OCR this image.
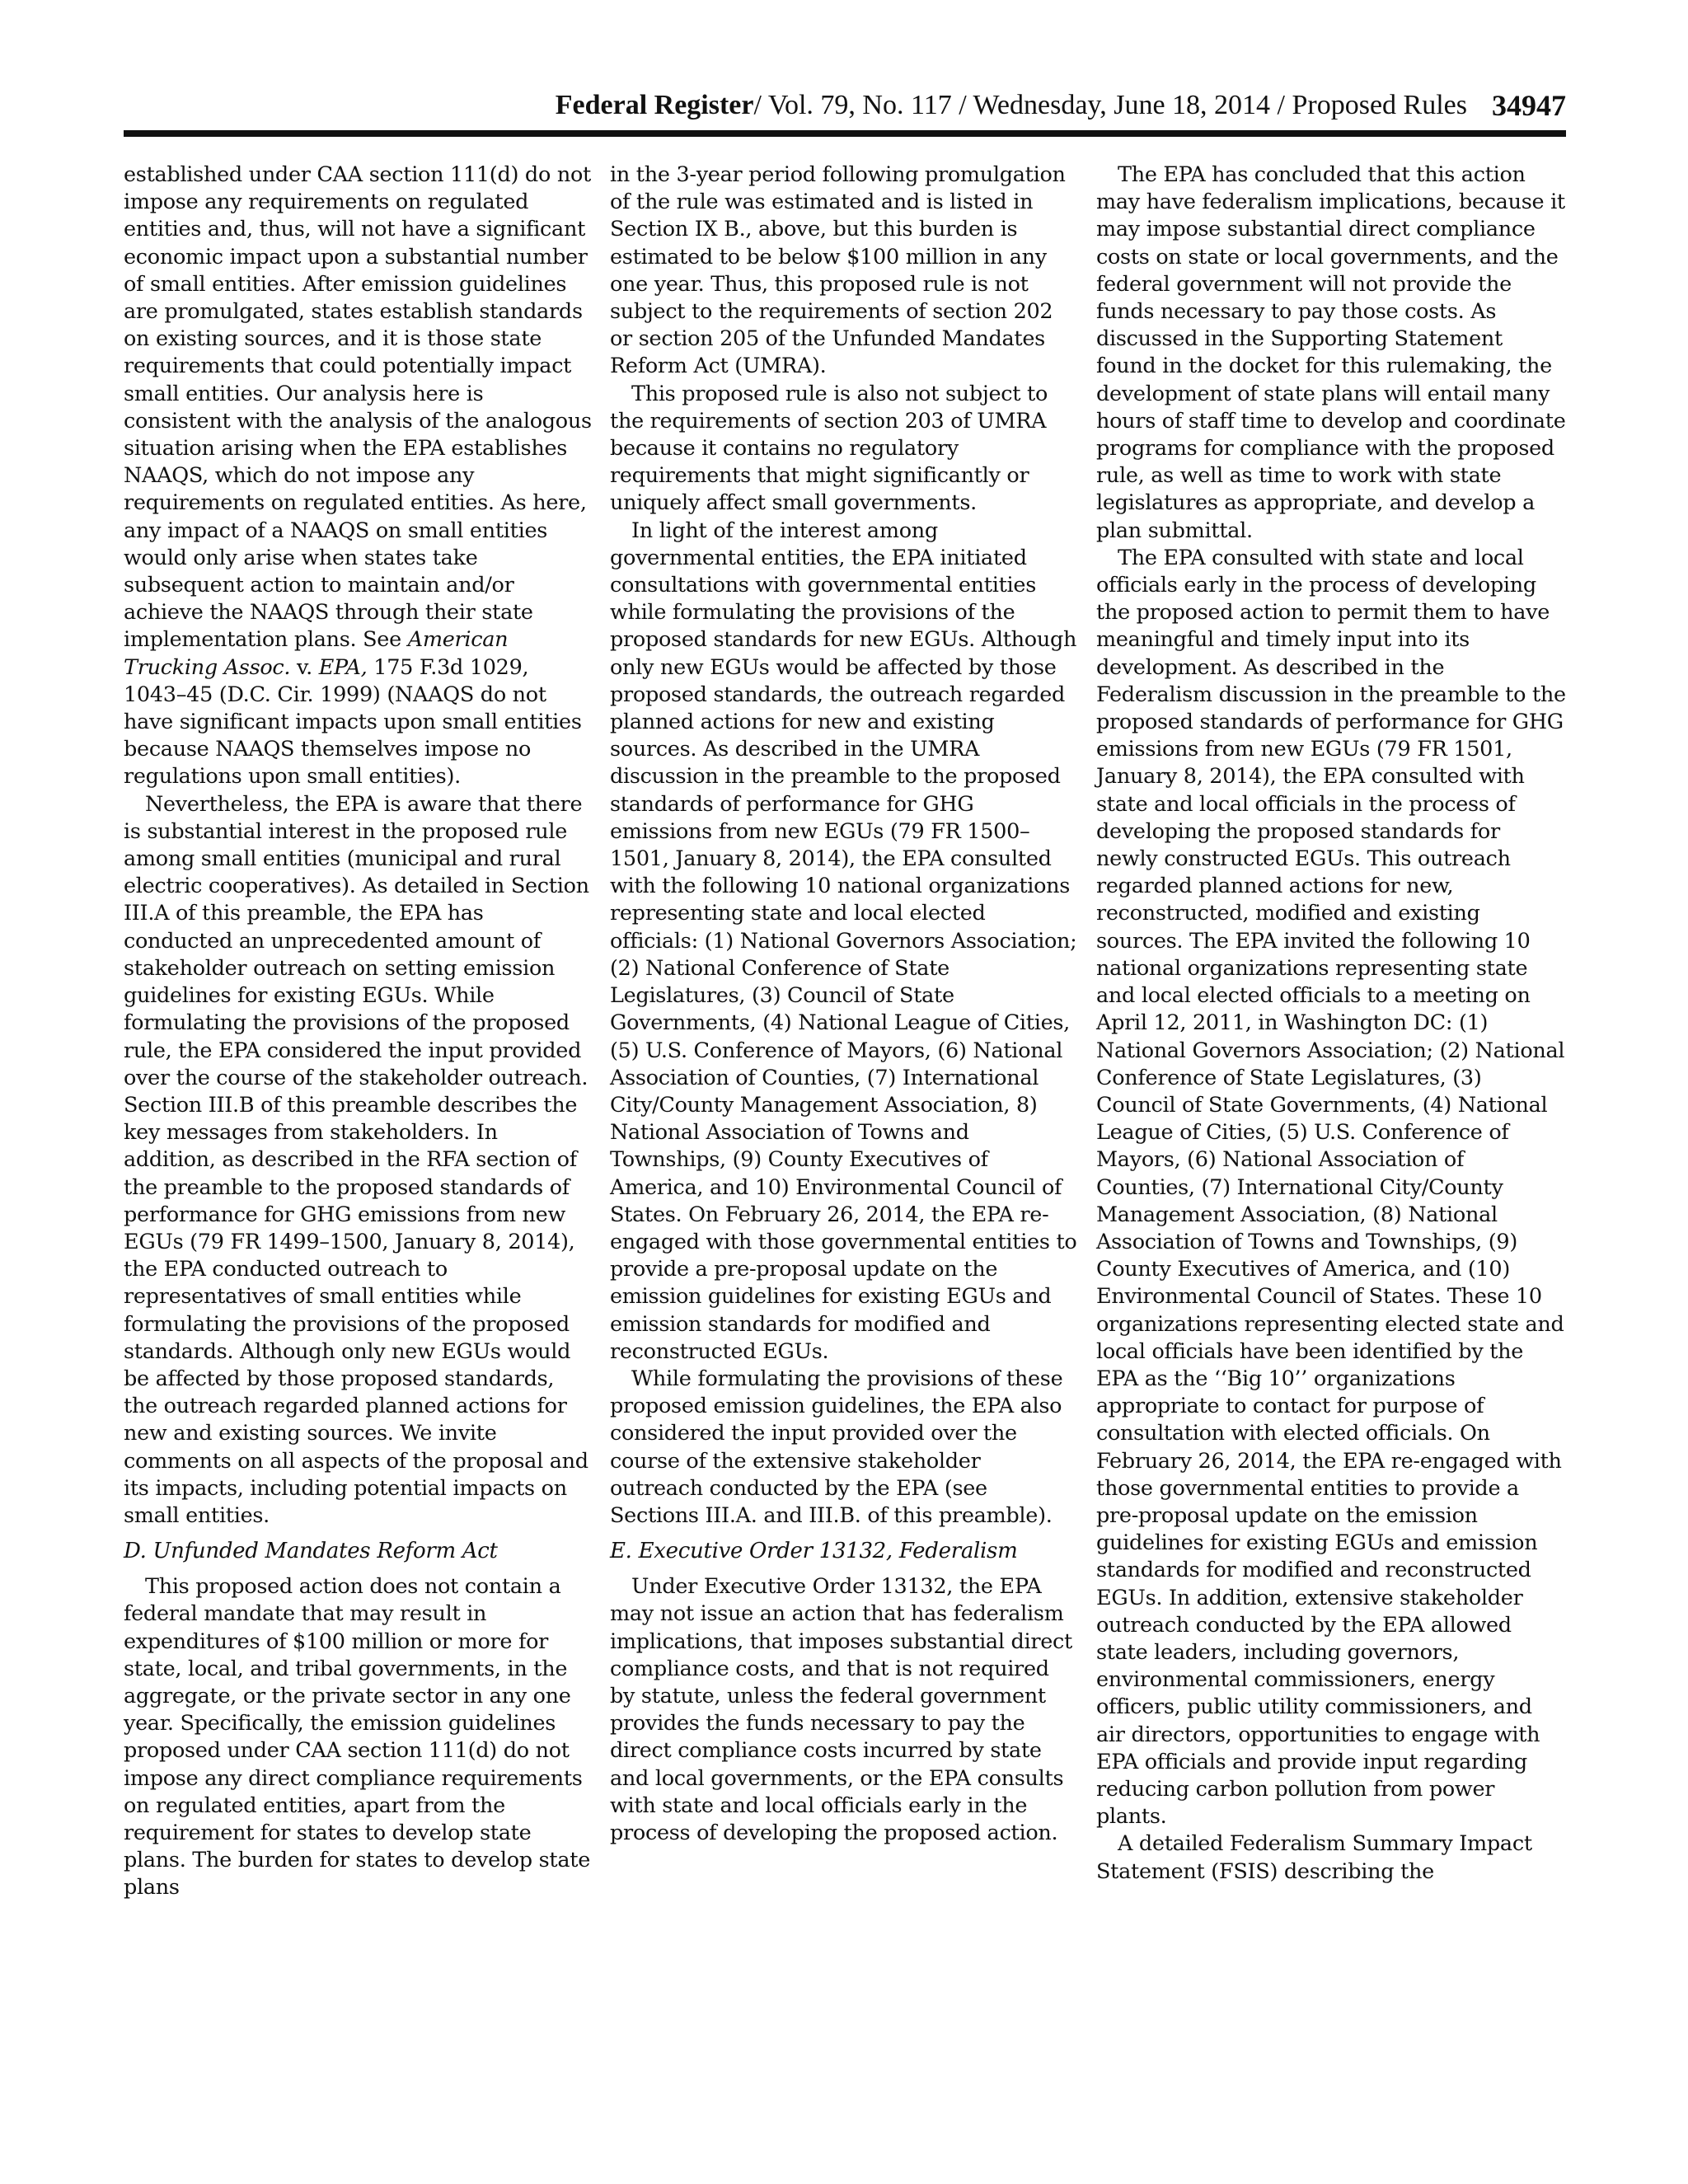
Federal Register/ Vol. 79, No. 117 / Wednesday, June 18, 2014 / Proposed Rules 34947

established under CAA section 111(d) do not impose any requirements on regulated entities and, thus, will not have a significant economic impact upon a substantial number of small entities. After emission guidelines are promulgated, states establish standards on existing sources, and it is those state requirements that could potentially impact small entities. Our analysis here is consistent with the analysis of the analogous situation arising when the EPA establishes NAAQS, which do not impose any requirements on regulated entities. As here, any impact of a NAAQS on small entities would only arise when states take subsequent action to maintain and/or achieve the NAAQS through their state implementation plans. See American Trucking Assoc. v. EPA, 175 F.3d 1029, 1043–45 (D.C. Cir. 1999) (NAAQS do not have significant impacts upon small entities because NAAQS themselves impose no regulations upon small entities).

Nevertheless, the EPA is aware that there is substantial interest in the proposed rule among small entities (municipal and rural electric cooperatives). As detailed in Section III.A of this preamble, the EPA has conducted an unprecedented amount of stakeholder outreach on setting emission guidelines for existing EGUs. While formulating the provisions of the proposed rule, the EPA considered the input provided over the course of the stakeholder outreach. Section III.B of this preamble describes the key messages from stakeholders. In addition, as described in the RFA section of the preamble to the proposed standards of performance for GHG emissions from new EGUs (79 FR 1499–1500, January 8, 2014), the EPA conducted outreach to representatives of small entities while formulating the provisions of the proposed standards. Although only new EGUs would be affected by those proposed standards, the outreach regarded planned actions for new and existing sources. We invite comments on all aspects of the proposal and its impacts, including potential impacts on small entities.

D. Unfunded Mandates Reform Act

This proposed action does not contain a federal mandate that may result in expenditures of $100 million or more for state, local, and tribal governments, in the aggregate, or the private sector in any one year. Specifically, the emission guidelines proposed under CAA section 111(d) do not impose any direct compliance requirements on regulated entities, apart from the requirement for states to develop state plans. The burden for states to develop state plans

in the 3-year period following promulgation of the rule was estimated and is listed in Section IX B., above, but this burden is estimated to be below $100 million in any one year. Thus, this proposed rule is not subject to the requirements of section 202 or section 205 of the Unfunded Mandates Reform Act (UMRA).

This proposed rule is also not subject to the requirements of section 203 of UMRA because it contains no regulatory requirements that might significantly or uniquely affect small governments.

In light of the interest among governmental entities, the EPA initiated consultations with governmental entities while formulating the provisions of the proposed standards for new EGUs. Although only new EGUs would be affected by those proposed standards, the outreach regarded planned actions for new and existing sources. As described in the UMRA discussion in the preamble to the proposed standards of performance for GHG emissions from new EGUs (79 FR 1500–1501, January 8, 2014), the EPA consulted with the following 10 national organizations representing state and local elected officials: (1) National Governors Association; (2) National Conference of State Legislatures, (3) Council of State Governments, (4) National League of Cities, (5) U.S. Conference of Mayors, (6) National Association of Counties, (7) International City/County Management Association, 8) National Association of Towns and Townships, (9) County Executives of America, and 10) Environmental Council of States. On February 26, 2014, the EPA re-engaged with those governmental entities to provide a pre-proposal update on the emission guidelines for existing EGUs and emission standards for modified and reconstructed EGUs.

While formulating the provisions of these proposed emission guidelines, the EPA also considered the input provided over the course of the extensive stakeholder outreach conducted by the EPA (see Sections III.A. and III.B. of this preamble).

E. Executive Order 13132, Federalism

Under Executive Order 13132, the EPA may not issue an action that has federalism implications, that imposes substantial direct compliance costs, and that is not required by statute, unless the federal government provides the funds necessary to pay the direct compliance costs incurred by state and local governments, or the EPA consults with state and local officials early in the process of developing the proposed action.

The EPA has concluded that this action may have federalism implications, because it may impose substantial direct compliance costs on state or local governments, and the federal government will not provide the funds necessary to pay those costs. As discussed in the Supporting Statement found in the docket for this rulemaking, the development of state plans will entail many hours of staff time to develop and coordinate programs for compliance with the proposed rule, as well as time to work with state legislatures as appropriate, and develop a plan submittal.

The EPA consulted with state and local officials early in the process of developing the proposed action to permit them to have meaningful and timely input into its development. As described in the Federalism discussion in the preamble to the proposed standards of performance for GHG emissions from new EGUs (79 FR 1501, January 8, 2014), the EPA consulted with state and local officials in the process of developing the proposed standards for newly constructed EGUs. This outreach regarded planned actions for new, reconstructed, modified and existing sources. The EPA invited the following 10 national organizations representing state and local elected officials to a meeting on April 12, 2011, in Washington DC: (1) National Governors Association; (2) National Conference of State Legislatures, (3) Council of State Governments, (4) National League of Cities, (5) U.S. Conference of Mayors, (6) National Association of Counties, (7) International City/County Management Association, (8) National Association of Towns and Townships, (9) County Executives of America, and (10) Environmental Council of States. These 10 organizations representing elected state and local officials have been identified by the EPA as the ‘‘Big 10’’ organizations appropriate to contact for purpose of consultation with elected officials. On February 26, 2014, the EPA re-engaged with those governmental entities to provide a pre-proposal update on the emission guidelines for existing EGUs and emission standards for modified and reconstructed EGUs. In addition, extensive stakeholder outreach conducted by the EPA allowed state leaders, including governors, environmental commissioners, energy officers, public utility commissioners, and air directors, opportunities to engage with EPA officials and provide input regarding reducing carbon pollution from power plants.

A detailed Federalism Summary Impact Statement (FSIS) describing the
